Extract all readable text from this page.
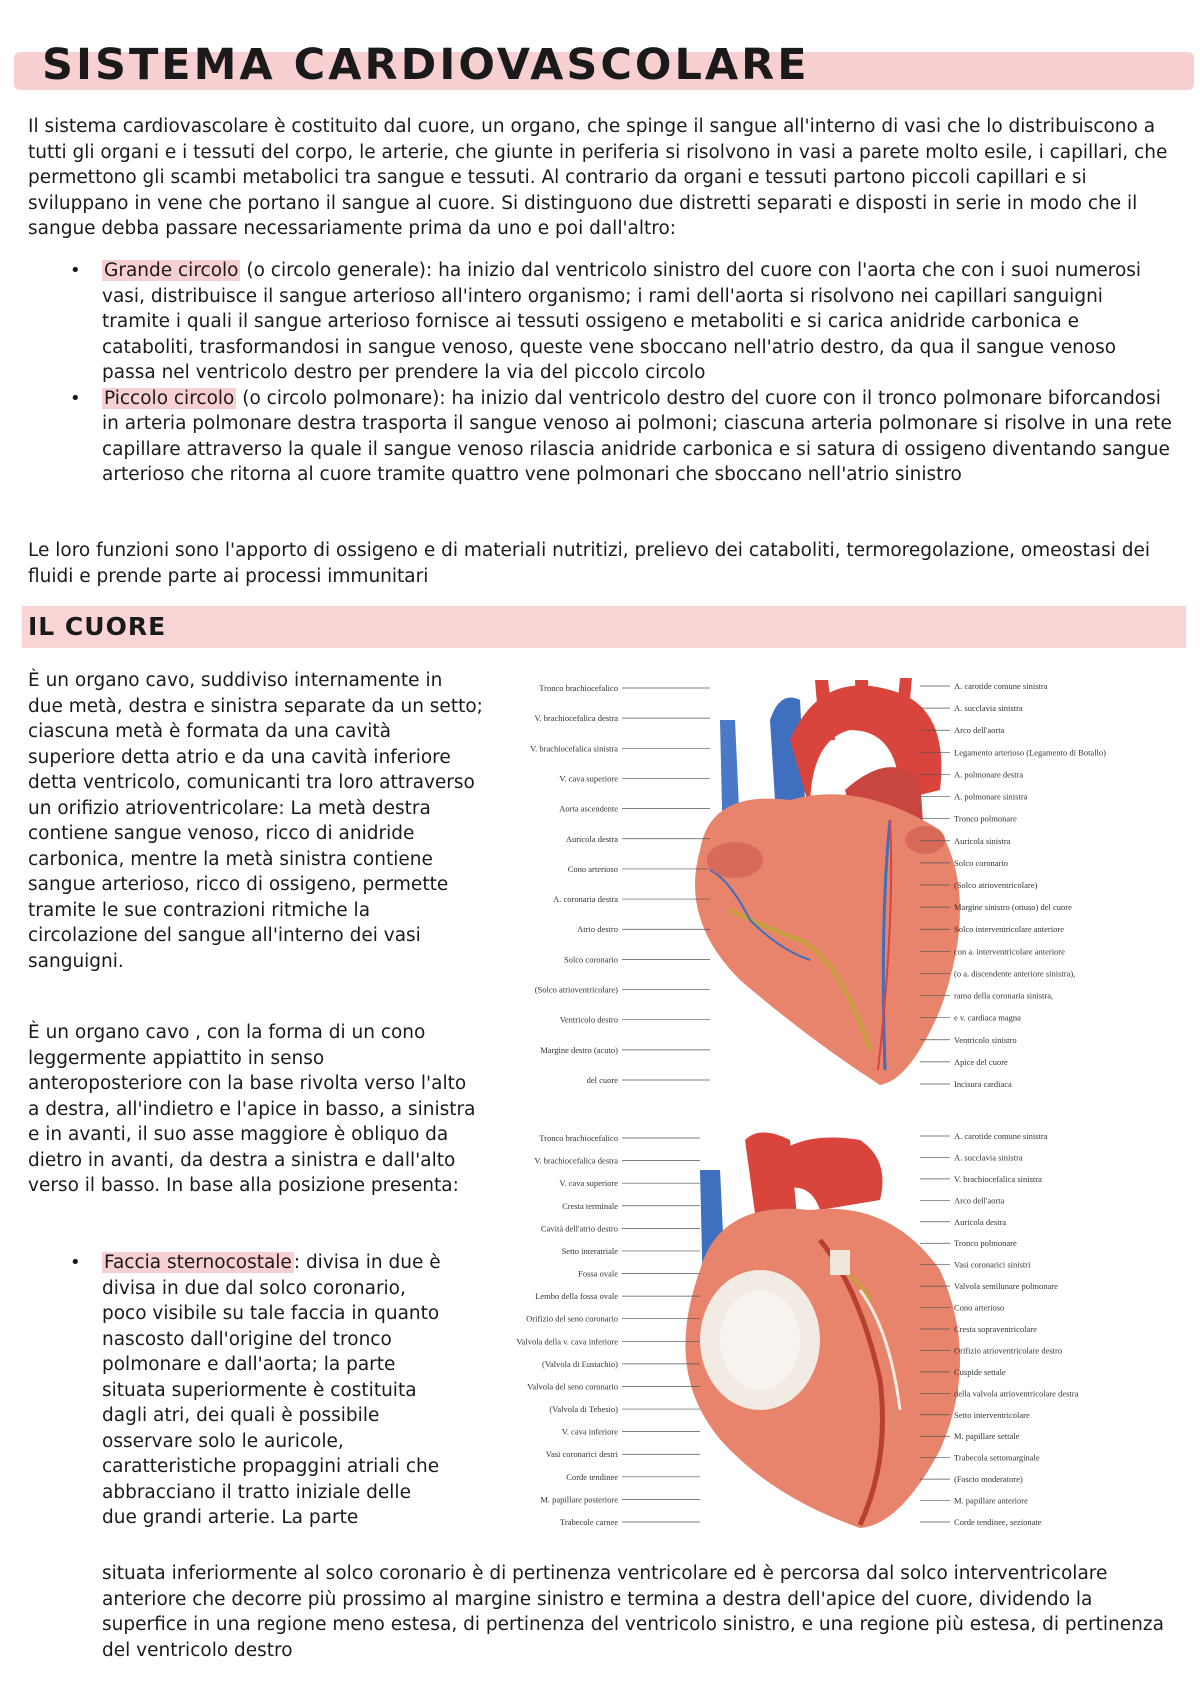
SISTEMA CARDIOVASCOLARE

Il sistema cardiovascolare è costituito dal cuore, un organo, che spinge il sangue all'interno di vasi che lo distribuiscono a tutti gli organi e i tessuti del corpo, le arterie, che giunte in periferia si risolvono in vasi a parete molto esile, i capillari, che permettono gli scambi metabolici tra sangue e tessuti. Al contrario da organi e tessuti partono piccoli capillari e si sviluppano in vene che portano il sangue al cuore. Si distinguono due distretti separati e disposti in serie in modo che il sangue debba passare necessariamente prima da uno e poi dall'altro:

• Grande circolo (o circolo generale): ha inizio dal ventricolo sinistro del cuore con l'aorta che con i suoi numerosi vasi, distribuisce il sangue arterioso all'intero organismo; i rami dell'aorta si risolvono nei capillari sanguigni tramite i quali il sangue arterioso fornisce ai tessuti ossigeno e metaboliti e si carica anidride carbonica e cataboliti, trasformandosi in sangue venoso, queste vene sboccano nell'atrio destro, da qua il sangue venoso passa nel ventricolo destro per prendere la via del piccolo circolo
• Piccolo circolo (o circolo polmonare): ha inizio dal ventricolo destro del cuore con il tronco polmonare biforcandosi in arteria polmonare destra trasporta il sangue venoso ai polmoni; ciascuna arteria polmonare si risolve in una rete capillare attraverso la quale il sangue venoso rilascia anidride carbonica e si satura di ossigeno diventando sangue arterioso che ritorna al cuore tramite quattro vene polmonari che sboccano nell'atrio sinistro

Le loro funzioni sono l'apporto di ossigeno e di materiali nutritizi, prelievo dei cataboliti, termoregolazione, omeostasi dei fluidi e prende parte ai processi immunitari

IL CUORE

È un organo cavo, suddiviso internamente in due metà, destra e sinistra separate da un setto; ciascuna metà è formata da una cavità superiore detta atrio e da una cavità inferiore detta ventricolo, comunicanti tra loro attraverso un orifizio atrioventricolare: La metà destra contiene sangue venoso, ricco di anidride carbonica, mentre la metà sinistra contiene sangue arterioso, ricco di ossigeno, permette tramite le sue contrazioni ritmiche la circolazione del sangue all'interno dei vasi sanguigni.

È un organo cavo , con la forma di un cono leggermente appiattito in senso anteroposteriore con la base rivolta verso l'alto a destra, all'indietro e l'apice in basso, a sinistra e in avanti, il suo asse maggiore è obliquo da dietro in avanti, da destra a sinistra e dall'alto verso il basso. In base alla posizione presenta:

• Faccia sternocostale : divisa in due è divisa in due dal solco coronario, poco visibile su tale faccia in quanto nascosto dall'origine del tronco polmonare e dall'aorta; la parte situata superiormente è costituita dagli atri, dei quali è possibile osservare solo le auricole, caratteristiche propaggini atriali che abbracciano il tratto iniziale delle due grandi arterie. La parte

situata inferiormente al solco coronario è di pertinenza ventricolare ed è percorsa dal solco interventricolare anteriore che decorre più prossimo al margine sinistro e termina a destra dell'apice del cuore, dividendo la superfice in una regione meno estesa, di pertinenza del ventricolo sinistro, e una regione più estesa, di pertinenza del ventricolo destro

Tronco brachiocefalico
V. brachiocefalica destra
V. brachiocefalica sinistra
V. cava superiore
Aorta ascendente
Auricola destra
Cono arterioso
A. coronaria destra
Atrio destro
Solco coronario
(Solco atrioventricolare)
Ventricolo destro
Margine destro (acuto)
del cuore
A. carotide comune sinistra
A. succlavia sinistra
Arco dell'aorta
Legamento arterioso (Legamento di Botallo)
A. polmonare destra
A. polmonare sinistra
Tronco polmonare
Auricola sinistra
Solco coronario
(Solco atrioventricolare)
Margine sinistro (ottuso) del cuore
Solco interventricolare anteriore
con a. interventricolare anteriore
(o a. discendente anteriore sinistra),
ramo della coronaria sinistra,
e v. cardiaca magna
Ventricolo sinistro
Apice del cuore
Incisura cardiaca
Tronco brachiocefalico
V. brachiocefalica destra
V. cava superiore
Cresta terminale
Cavità dell'atrio destro
Setto interatriale
Fossa ovale
Lembo della fossa ovale
Orifizio del seno coronario
Valvola della v. cava inferiore
(Valvola di Eustachio)
Valvola del seno coronario
(Valvola di Tebesio)
V. cava inferiore
Vasi coronarici destri
Corde tendinee
M. papillare posteriore
Trabecole carnee
A. carotide comune sinistra
A. succlavia sinistra
V. brachiocefalica sinistra
Arco dell'aorta
Auricola destra
Tronco polmonare
Vasi coronarici sinistri
Valvola semilunare polmonare
Cono arterioso
Cresta sopraventricolare
Orifizio atrioventricolare destro
Cuspide settale
della valvola atrioventricolare destra
Setto interventricolare
M. papillare settale
Trabecola settomarginale
(Fascio moderatore)
M. papillare anteriore
Corde tendinee, sezionate
